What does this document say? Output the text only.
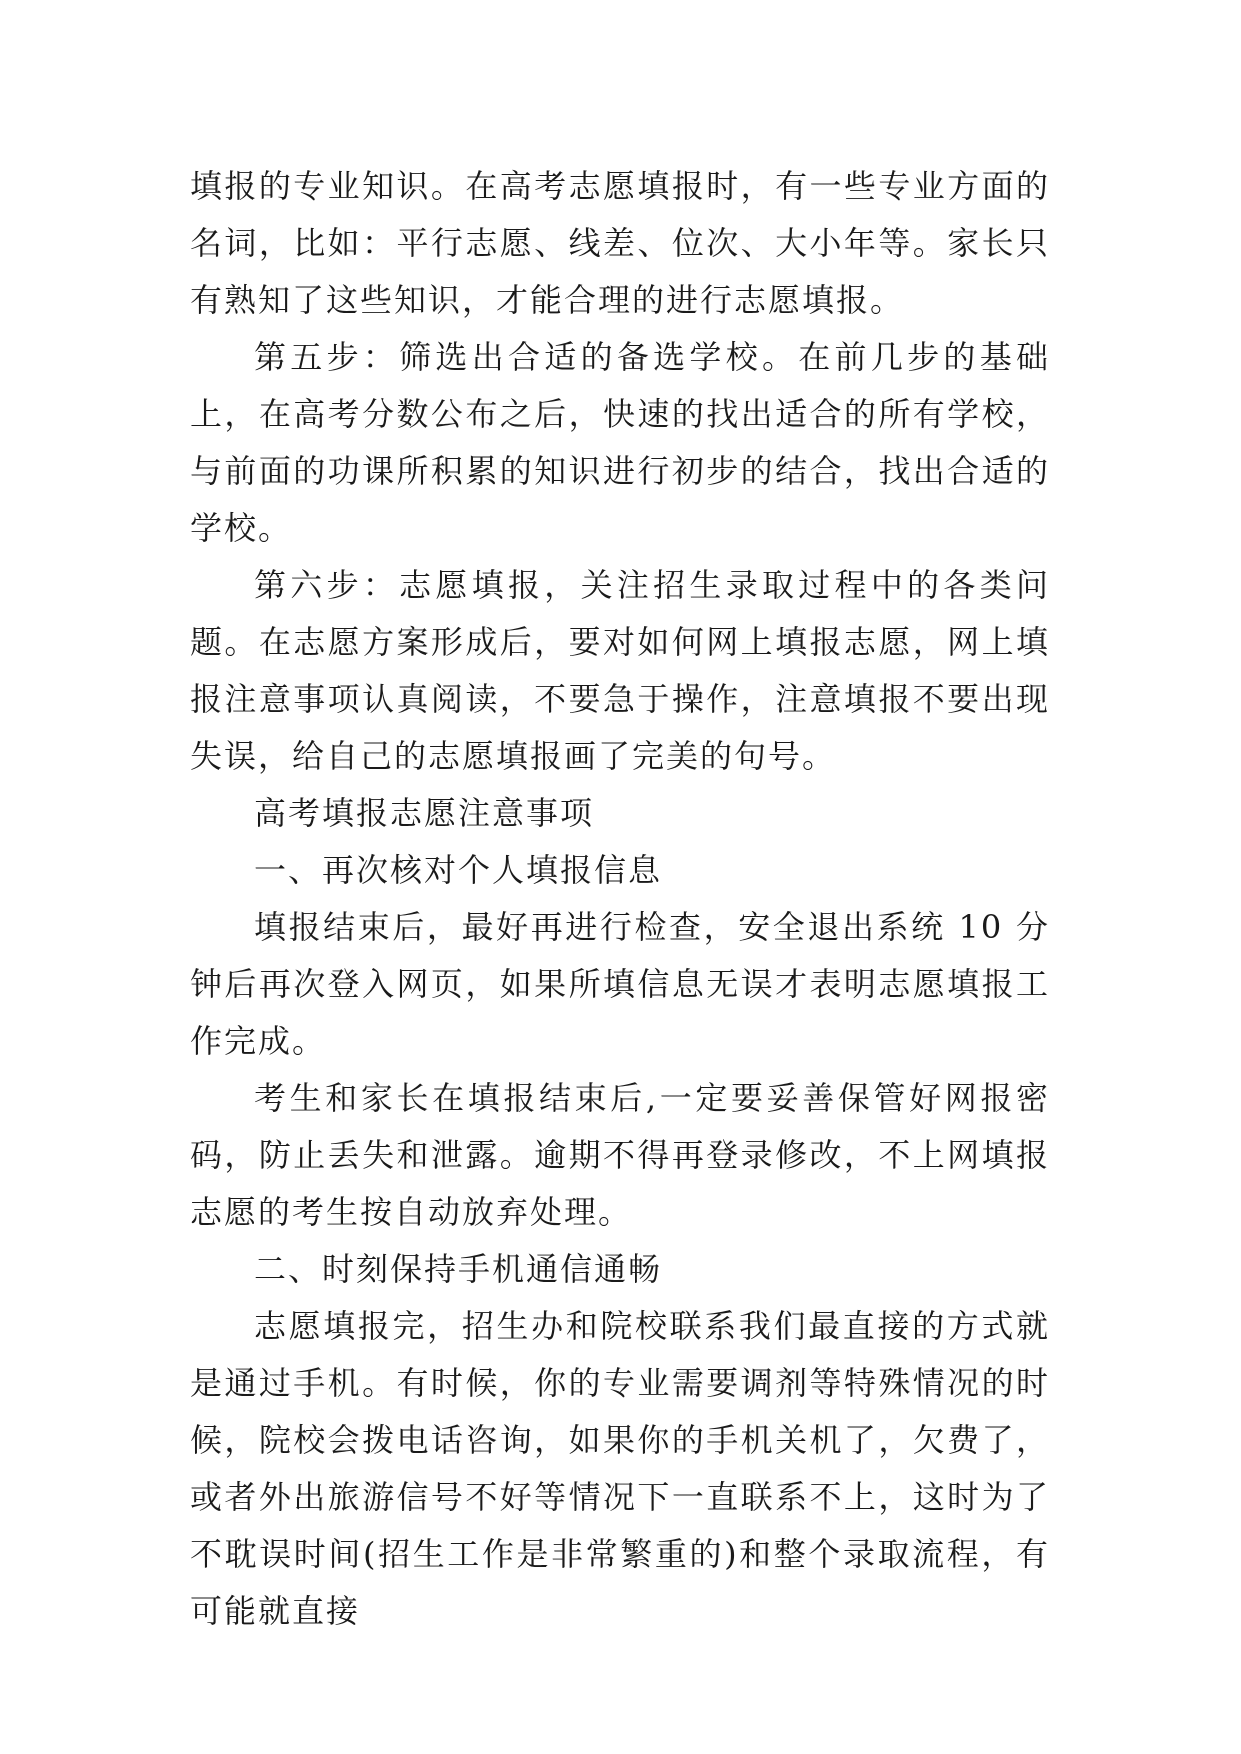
填报的专业知识。在高考志愿填报时，有一些专业方面的名词，比如：平行志愿、线差、位次、大小年等。家长只有熟知了这些知识，才能合理的进行志愿填报。

第五步：筛选出合适的备选学校。在前几步的基础上，在高考分数公布之后，快速的找出适合的所有学校，与前面的功课所积累的知识进行初步的结合，找出合适的学校。

第六步：志愿填报，关注招生录取过程中的各类问题。在志愿方案形成后，要对如何网上填报志愿，网上填报注意事项认真阅读，不要急于操作，注意填报不要出现失误，给自己的志愿填报画了完美的句号。

高考填报志愿注意事项

一、再次核对个人填报信息

填报结束后，最好再进行检查，安全退出系统 10 分钟后再次登入网页，如果所填信息无误才表明志愿填报工作完成。

考生和家长在填报结束后,一定要妥善保管好网报密码，防止丢失和泄露。逾期不得再登录修改，不上网填报志愿的考生按自动放弃处理。

二、时刻保持手机通信通畅

志愿填报完，招生办和院校联系我们最直接的方式就是通过手机。有时候，你的专业需要调剂等特殊情况的时候，院校会拨电话咨询，如果你的手机关机了，欠费了，或者外出旅游信号不好等情况下一直联系不上，这时为了不耽误时间(招生工作是非常繁重的)和整个录取流程，有可能就直接
